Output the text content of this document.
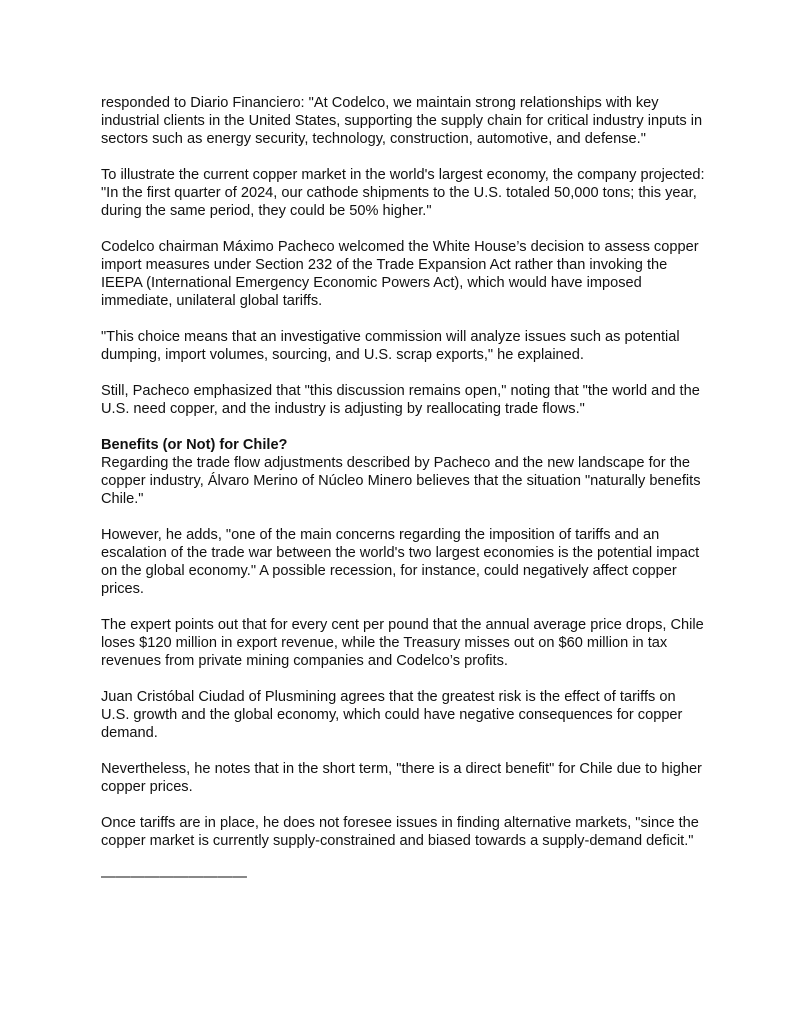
responded to Diario Financiero: "At Codelco, we maintain strong relationships with key industrial clients in the United States, supporting the supply chain for critical industry inputs in sectors such as energy security, technology, construction, automotive, and defense."

To illustrate the current copper market in the world's largest economy, the company projected: "In the first quarter of 2024, our cathode shipments to the U.S. totaled 50,000 tons; this year, during the same period, they could be 50% higher."

Codelco chairman Máximo Pacheco welcomed the White House’s decision to assess copper import measures under Section 232 of the Trade Expansion Act rather than invoking the IEEPA (International Emergency Economic Powers Act), which would have imposed immediate, unilateral global tariffs.

"This choice means that an investigative commission will analyze issues such as potential dumping, import volumes, sourcing, and U.S. scrap exports," he explained.

Still, Pacheco emphasized that "this discussion remains open," noting that "the world and the U.S. need copper, and the industry is adjusting by reallocating trade flows."

Benefits (or Not) for Chile?

Regarding the trade flow adjustments described by Pacheco and the new landscape for the copper industry, Álvaro Merino of Núcleo Minero believes that the situation "naturally benefits Chile."

However, he adds, "one of the main concerns regarding the imposition of tariffs and an escalation of the trade war between the world's two largest economies is the potential impact on the global economy." A possible recession, for instance, could negatively affect copper prices.

The expert points out that for every cent per pound that the annual average price drops, Chile loses $120 million in export revenue, while the Treasury misses out on $60 million in tax revenues from private mining companies and Codelco’s profits.

Juan Cristóbal Ciudad of Plusmining agrees that the greatest risk is the effect of tariffs on U.S. growth and the global economy, which could have negative consequences for copper demand.

Nevertheless, he notes that in the short term, "there is a direct benefit" for Chile due to higher copper prices.

Once tariffs are in place, he does not foresee issues in finding alternative markets, "since the copper market is currently supply-constrained and biased towards a supply-demand deficit."

——————————
